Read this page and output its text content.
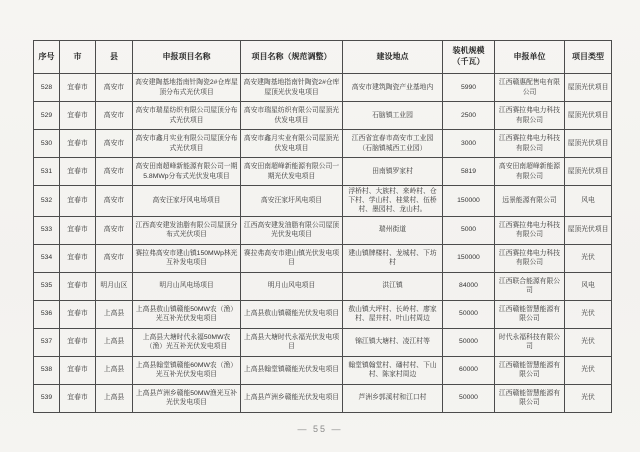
序号	市	县	申报项目名称	项目名称（规范调整）	建设地点	装机规模（千瓦）	申报单位	项目类型
528	宜春市	高安市	高安建陶基地指南针陶瓷2#仓库屋顶分布式光伏项目	高安建陶基地指南针陶瓷2#仓库屋顶光伏发电项目	高安市建筑陶瓷产业基地内	5990	江西赣惠配售电有限公司	屋顶光伏项目
529	宜春市	高安市	高安市瑞星纺织有限公司屋顶分布式光伏项目	高安市瑞星纺织有限公司屋顶光伏发电项目	石脑镇工业园	2500	江西赛拉弗电力科技有限公司	屋顶光伏项目
530	宜春市	高安市	高安市鑫月实业有限公司屋顶分布式光伏项目	高安市鑫月实业有限公司屋顶光伏发电项目	江西省宜春市高安市工业园（石脑镇城西工业园）	3000	江西赛拉弗电力科技有限公司	屋顶光伏项目
531	宜春市	高安市	高安田南超峰新能源有限公司一期5.8MWp分布式光伏发电项目	高安田南超峰新能源有限公司一期光伏发电项目	田南镇罗家村	5819	高安田南超峰新能源有限公司	屋顶光伏项目
532	宜春市	高安市	高安汪家圩风电场项目	高安汪家圩风电项目	浮桥村、大族村、来岭村、仓下村、学山村、桂棠村、伍桥村、墨园村、龙山村。	150000	远景能源有限公司	风电
533	宜春市	高安市	江西高安建发油脂有限公司屋顶分布式光伏项目	江西高安建发油脂有限公司屋顶光伏发电项目	瑞州街道	5000	江西赛拉弗电力科技有限公司	屋顶光伏项目
534	宜春市	高安市	赛拉弗高安市建山镇150MWp林光互补发电项目	赛拉弗高安市建山镇光伏发电项目	建山镇牌楼村、龙城村、下坊村	150000	江西赛拉弗电力科技有限公司	光伏
535	宜春市	明月山区	明月山风电场项目	明月山风电项目	洪江镇	84000	江西联合能源有限公司	风电
536	宜春市	上高县	上高县敖山镇赣能50MW农（渔）光互补光伏发电项目	上高县敖山镇赣能光伏发电项目	敖山镇大坪村、长岭村、廖家村、屋井村、叶山村周边	50000	江西赣能智慧能源有限公司	光伏
537	宜春市	上高县	上高县大塘时代永福50MW农（渔）光互补光伏发电项目	上高县大塘时代永福光伏发电项目	锦江镇大塘村、凌江村等	50000	时代永福科技有限公司	光伏
538	宜春市	上高县	上高县翰堂镇赣能60MW农（渔）光互补光伏发电项目	上高县翰堂镇赣能光伏发电项目	翰堂镇翰堂村、磻村村、下山村、陈家村周边	60000	江西赣能智慧能源有限公司	光伏
539	宜春市	上高县	上高县芦洲乡赣能50MW渔光互补光伏发电项目	上高县芦洲乡赣能光伏发电项目	芦洲乡郭溪村和江口村	50000	江西赣能智慧能源有限公司	光伏
— 55 —
